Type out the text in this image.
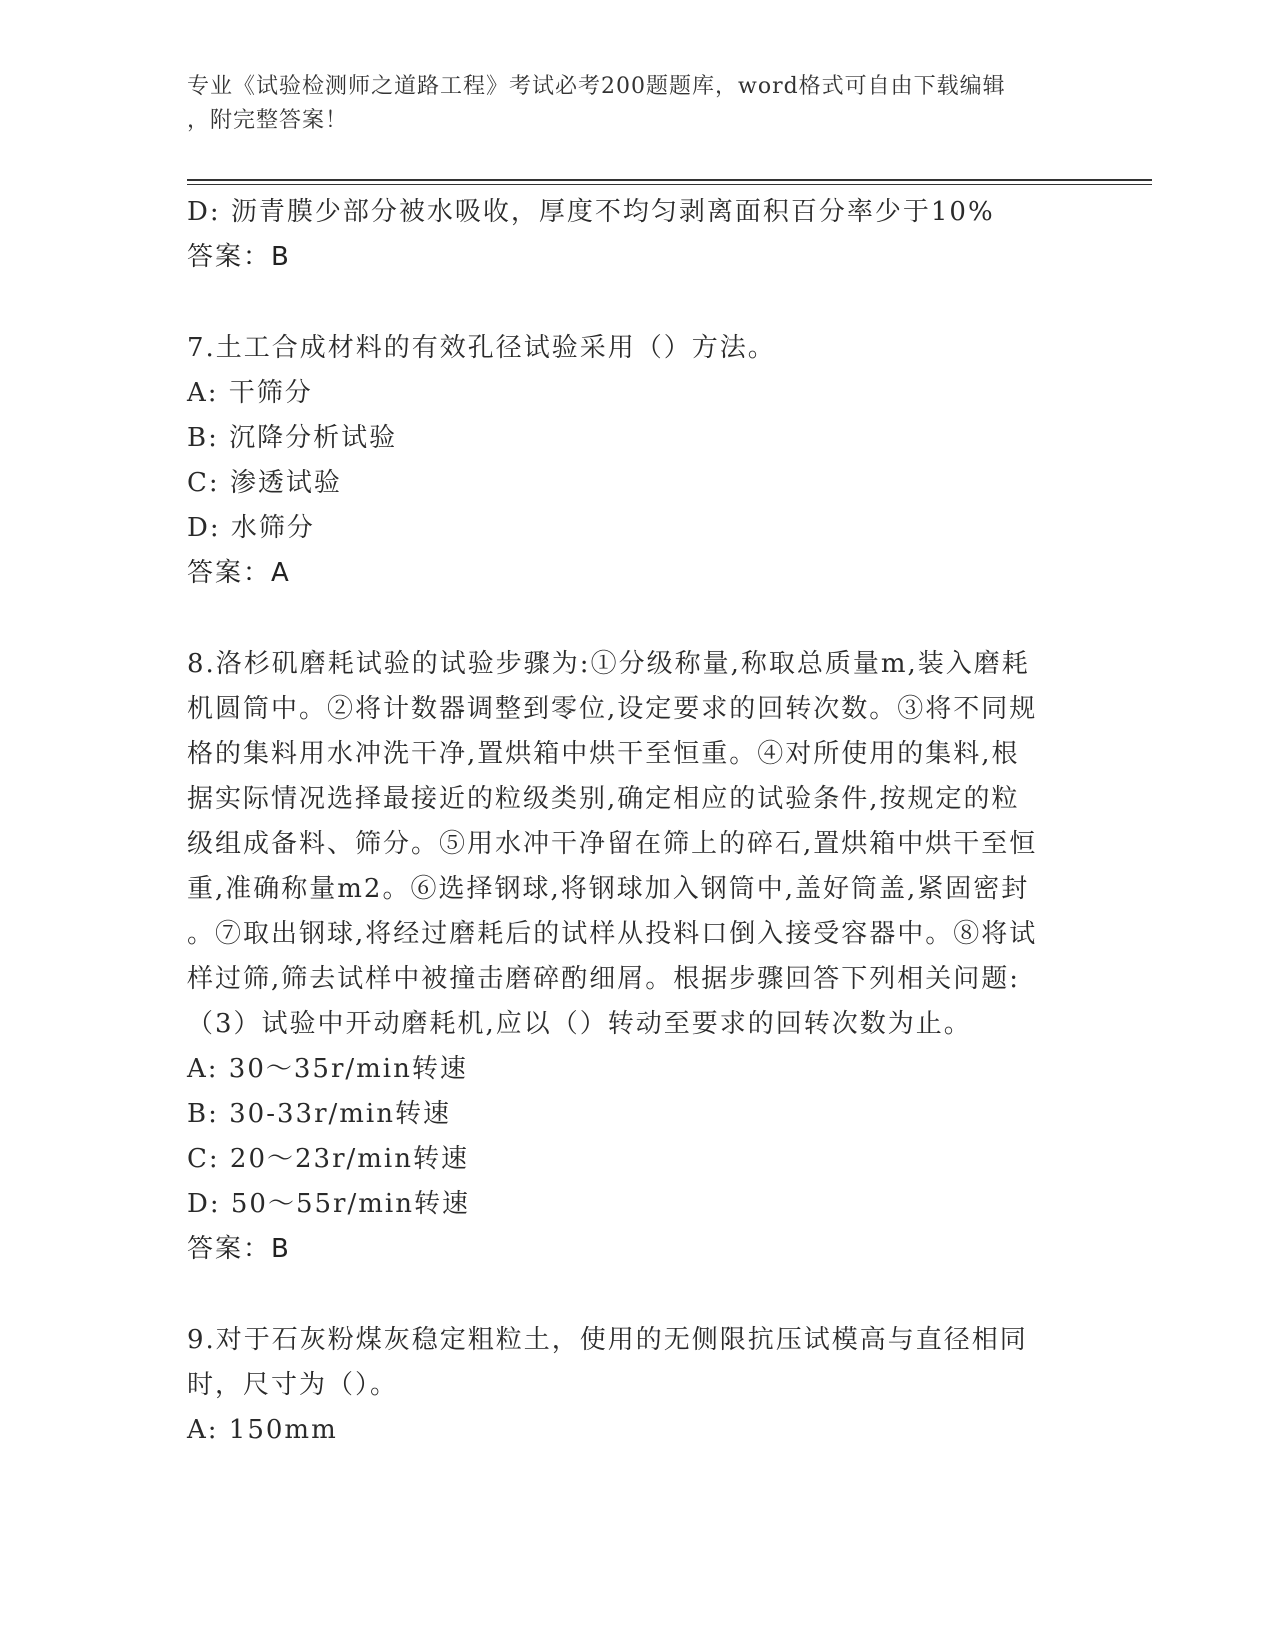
专业《试验检测师之道路工程》考试必考200题题库，word格式可自由下载编辑
，附完整答案！

D: 沥青膜少部分被水吸收，厚度不均匀剥离面积百分率少于10%

答案：B

7.土工合成材料的有效孔径试验采用（）方法。

A: 干筛分

B: 沉降分析试验

C: 渗透试验

D: 水筛分

答案：A

8.洛杉矶磨耗试验的试验步骤为:①分级称量,称取总质量m,装入磨耗

机圆筒中。②将计数器调整到零位,设定要求的回转次数。③将不同规

格的集料用水冲洗干净,置烘箱中烘干至恒重。④对所使用的集料,根

据实际情况选择最接近的粒级类别,确定相应的试验条件,按规定的粒

级组成备料、筛分。⑤用水冲干净留在筛上的碎石,置烘箱中烘干至恒

重,准确称量m2。⑥选择钢球,将钢球加入钢筒中,盖好筒盖,紧固密封

。⑦取出钢球,将经过磨耗后的试样从投料口倒入接受容器中。⑧将试

样过筛,筛去试样中被撞击磨碎酌细屑。根据步骤回答下列相关问题:

（3）试验中开动磨耗机,应以（）转动至要求的回转次数为止。

A: 30～35r/min转速

B: 30-33r/min转速

C: 20～23r/min转速

D: 50～55r/min转速

答案：B

9.对于石灰粉煤灰稳定粗粒土，使用的无侧限抗压试模高与直径相同

时，尺寸为（）。

A: 150mm
